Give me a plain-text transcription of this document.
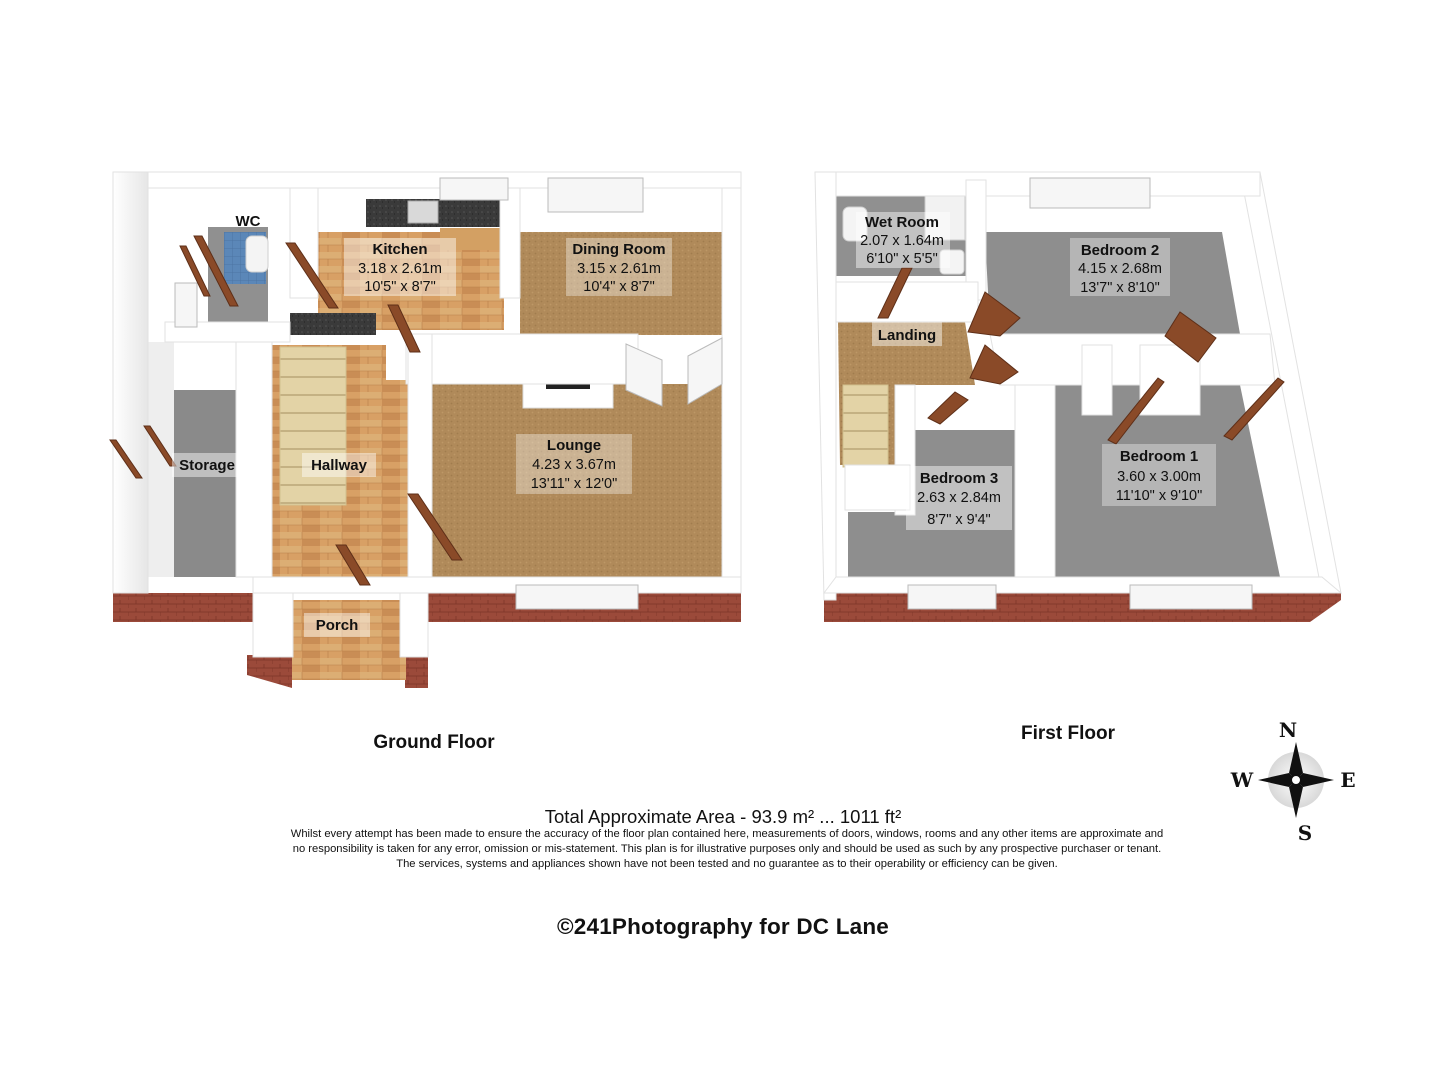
WC
Kitchen
3.18 x 2.61m
10'5" x 8'7"
Dining Room
3.15 x 2.61m
10'4" x 8'7"
Storage	Hallway
Lounge
4.23 x 3.67m
13'11" x 12'0"
Porch
Wet Room
2.07 x 1.64m
6'10" x 5'5"	Bedroom 2
4.15 x 2.68m
13'7" x 8'10"
Landing
Bedroom 1
3.60 x 3.00m
11'10" x 9'10"
Bedroom 3
2.63 x 2.84m
8'7" x 9'4"
Ground Floor	First Floor	N
S
E
W
Total Approximate Area - 93.9 m² ... 1011 ft²
Whilst every attempt has been made to ensure the accuracy of the floor plan contained here, measurements of doors, windows, rooms and any other items are approximate and
no responsibility is taken for any error, omission or mis-statement. This plan is for illustrative purposes only and should be used as such by any prospective purchaser or tenant.
The services, systems and appliances shown have not been tested and no guarantee as to their operability or efficiency can be given.
©241Photography for DC Lane
